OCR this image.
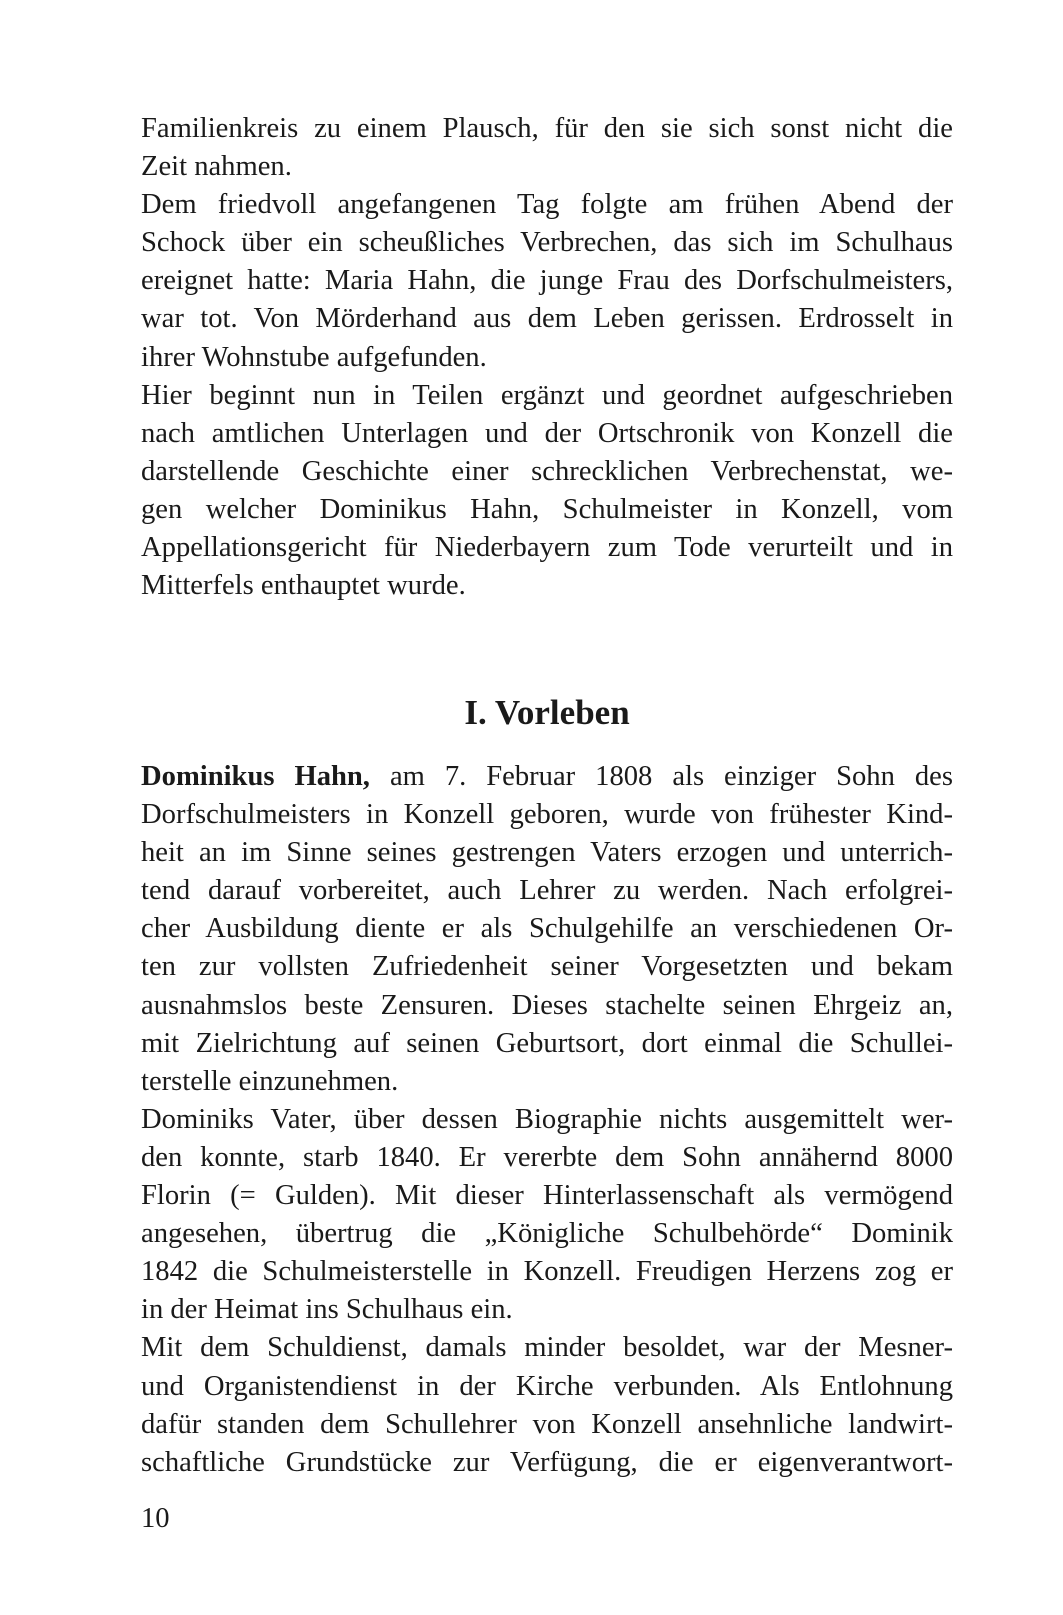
Familienkreis zu einem Plausch, für den sie sich sonst nicht die
Zeit nahmen.
Dem friedvoll angefangenen Tag folgte am frühen Abend der
Schock über ein scheußliches Verbrechen, das sich im Schulhaus
ereignet hatte: Maria Hahn, die junge Frau des Dorfschulmeisters,
war tot. Von Mörderhand aus dem Leben gerissen. Erdrosselt in
ihrer Wohnstube aufgefunden.
Hier beginnt nun in Teilen ergänzt und geordnet aufgeschrieben
nach amtlichen Unterlagen und der Ortschronik von Konzell die
darstellende Geschichte einer schrecklichen Verbrechenstat, we-
gen welcher Dominikus Hahn, Schulmeister in Konzell, vom
Appellationsgericht für Niederbayern zum Tode verurteilt und in
Mitterfels enthauptet wurde.
I. Vorleben
Dominikus Hahn, am 7. Februar 1808 als einziger Sohn des
Dorfschulmeisters in Konzell geboren, wurde von frühester Kind-
heit an im Sinne seines gestrengen Vaters erzogen und unterrich-
tend darauf vorbereitet, auch Lehrer zu werden. Nach erfolgrei-
cher Ausbildung diente er als Schulgehilfe an verschiedenen Or-
ten zur vollsten Zufriedenheit seiner Vorgesetzten und bekam
ausnahmslos beste Zensuren. Dieses stachelte seinen Ehrgeiz an,
mit Zielrichtung auf seinen Geburtsort, dort einmal die Schullei-
terstelle einzunehmen.
Dominiks Vater, über dessen Biographie nichts ausgemittelt wer-
den konnte, starb 1840. Er vererbte dem Sohn annähernd 8000
Florin (= Gulden). Mit dieser Hinterlassenschaft als vermögend
angesehen, übertrug die „Königliche Schulbehörde“ Dominik
1842 die Schulmeisterstelle in Konzell. Freudigen Herzens zog er
in der Heimat ins Schulhaus ein.
Mit dem Schuldienst, damals minder besoldet, war der Mesner-
und Organistendienst in der Kirche verbunden. Als Entlohnung
dafür standen dem Schullehrer von Konzell ansehnliche landwirt-
schaftliche Grundstücke zur Verfügung, die er eigenverantwort-
10
